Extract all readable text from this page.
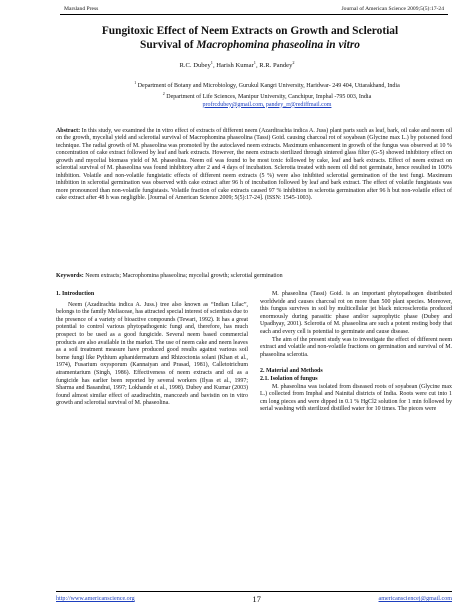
Marsland Press	Journal of American Science 2009;5(5):17-24
Fungitoxic Effect of Neem Extracts on Growth and Sclerotial
Survival of Macrophomina phaseolina in vitro
R.C. Dubey$^1$, Harish Kumar$^1$, R.R. Pandey$^2$
$^1$ Department of Botany and Microbiology, Gurukul Kangri University, Haridwar- 249 404, Uttarakhand, India
$^2$ Department of Life Sciences, Manipur University, Canchipur, Imphal -795 003, India
profrcdubey@gmail.com, pandey_rr@rediffmail.com
Abstract: In this study, we examined the in vitro effect of extracts of different neem (Azardirachta indica A. Juss) plant parts such as leaf, bark, oil cake and neem oil on the growth, mycelial yield and sclerotial survival of Macrophomina phaseolina (Tassi) Goid. causing charcoal rot of soyabean (Glycine max L.) by poisoned food technique. The radial growth of M. phaseolina was promoted by the autoclaved neem extracts. Maximum enhancement in growth of the fungus was observed at 10 % concentration of cake extract followed by leaf and bark extracts. However, the neem extracts sterilized through sintered glass filter (G-5) showed inhibitory effect on growth and mycelial biomass yield of M. phaseolina. Neem oil was found to be most toxic followed by cake, leaf and bark extracts. Effect of neem extract on sclerotial survival of M. phaseolina was found inhibitory after 2 and 4 days of incubation. Sclerotia treated with neem oil did not germinate, hence resulted in 100% inhibition. Volatile and non-volatile fungistatic effects of different neem extracts (5 %) were also inhibited sclerotial germination of the test fungi. Maximum inhibition in sclerotial germination was observed with cake extract after 96 h of incubation followed by leaf and bark extract. The effect of volatile fungistasis was more pronounced than non-volatile fungistasis. Volatile fraction of cake extracts caused 97 % inhibition in sclerotia germination after 96 h but non-volatile effect of cake extract after 48 h was negligible. [Journal of American Science 2009; 5(5):17-24]. (ISSN: 1545-1003).
Keywords: Neem extracts; Macrophomina phaseolina; mycelial growth; sclerotial germination
1. Introduction

Neem (Azadirachta indica A. Juss.) tree also known as “Indian Lilac”, belongs to the family Meliaceae, has attracted special interest of scientists due to the presence of a variety of bioactive compounds (Tewari, 1992). It has a great potential to control various phytopathogenic fungi and, therefore, has much prospect to be used as a good fungicide. Several neem based commercial products are also available in the market. The use of neem cake and neem leaves as a soil treatment measure have produced good results against various soil borne fungi like Pythium aphanidermatum and Rhizoctonia solani (Khan et al., 1974), Fusarium oxysporum (Kannaiyan and Prasad, 1981), Calletotrichum atramentarium (Singh, 1986). Effectiveness of neem extracts and oil as a fungicide has earlier been reported by several workers (Ilyas et al., 1997; Sharma and Basandrai, 1997; Lokhande et al., 1998). Dubey and Kumar (2003) found almost similar effect of azadirachtin, mancozeb and bavistin on in vitro growth and sclerotial survival of M. phaseolina.

M. phaseolina (Tassi) Goid. is an important phytopathogen distributed worldwide and causes charcoal rot on more than 500 plant species. Moreover, this fungus survives in soil by multicellular jet black microsclerotia produced enormously during parasitic phase and/or saprophytic phase (Dubey and Upadhyay, 2001). Sclerotia of M. phaseolina are such a potent resting body that each and every cell is potential to germinate and cause disease.

The aim of the present study was to investigate the effect of different neem extract and volatile and non-volatile fractions on germination and survival of M. phaseolina sclerotia.

2. Material and Methods
2.1. Isolation of fungus

M. phaseolina was isolated from diseased roots of soyabean (Glycine max L.) collected from Imphal and Nainital districts of India. Roots were cut into 1 cm long pieces and were dipped in 0.1 % HgCl2 solution for 1 min followed by serial washing with sterilized distilled water for 10 times. The pieces were

http://www.americanscience.org	17	americansciencej@gmail.com
